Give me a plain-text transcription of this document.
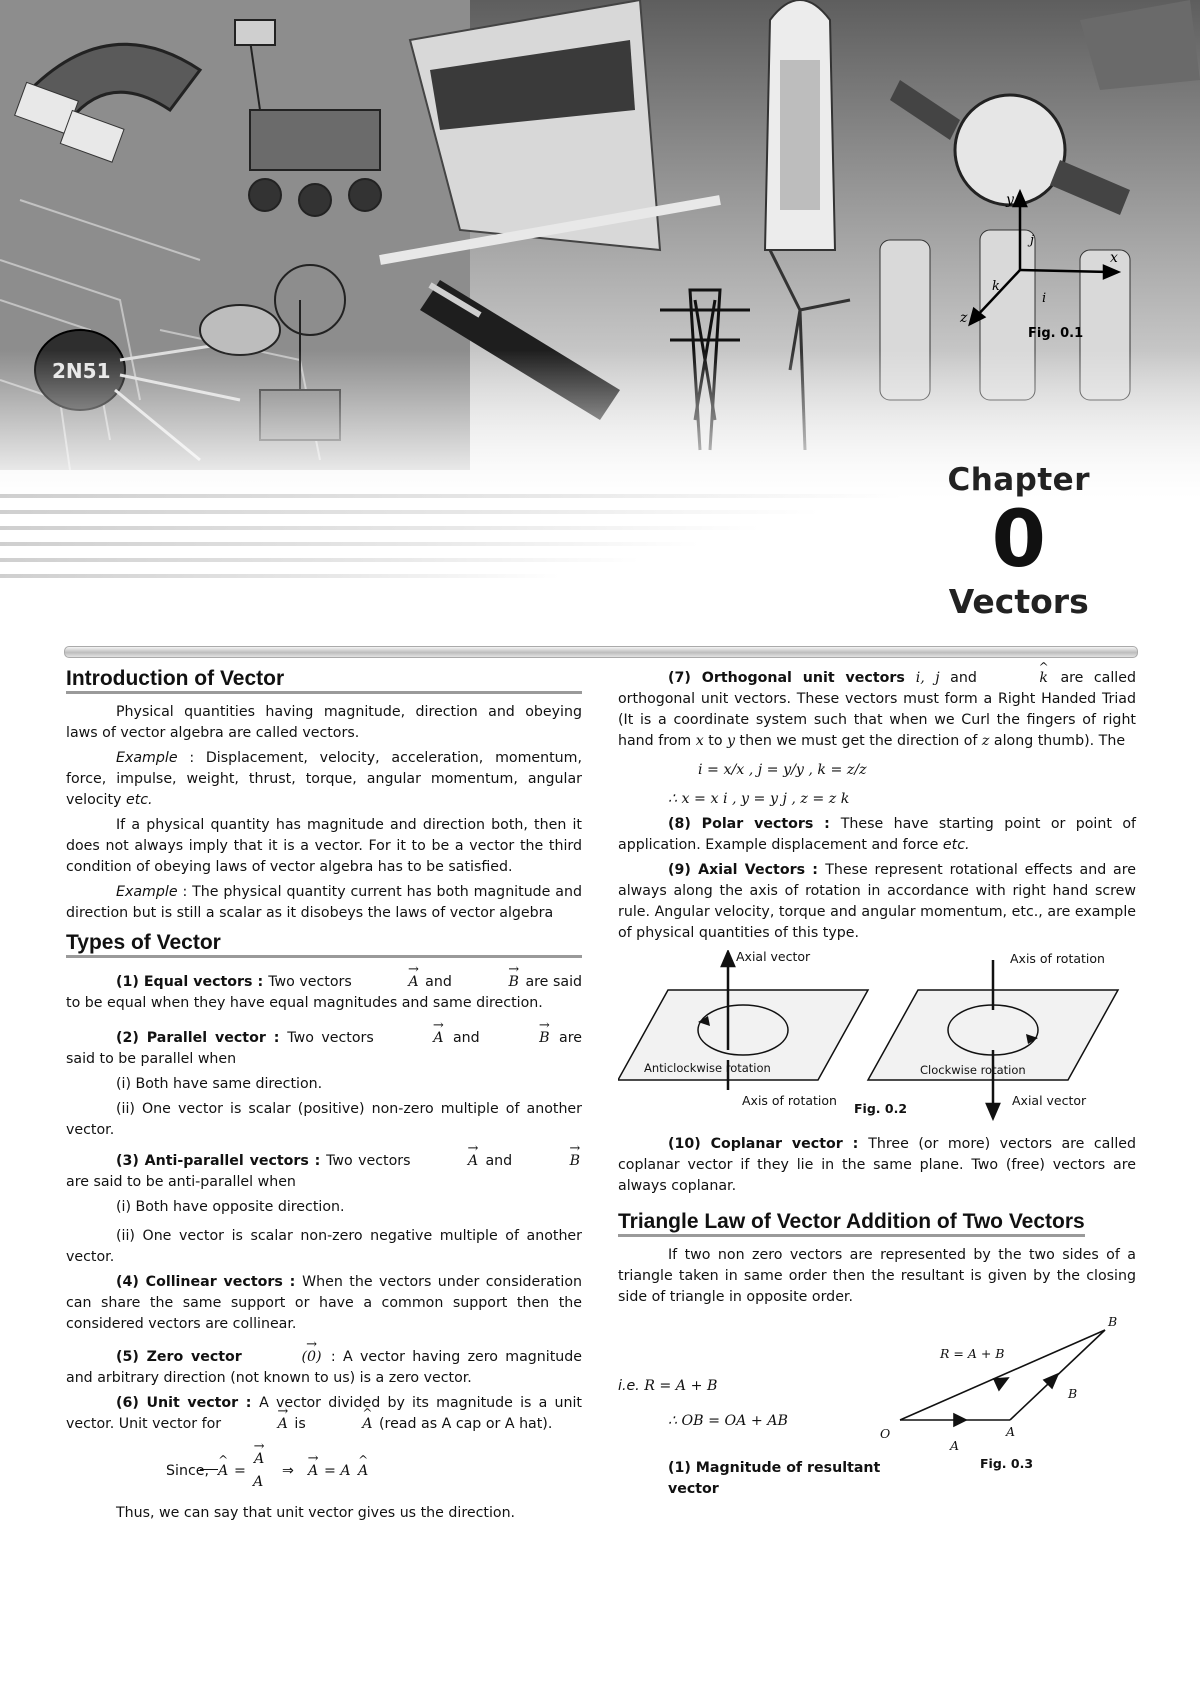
Chapter
0
Vectors
Introduction of Vector

Physical quantities having magnitude, direction and obeying laws of vector algebra are called vectors.

Example : Displacement, velocity, acceleration, momentum, force, impulse, weight, thrust, torque, angular momentum, angular velocity etc.

If a physical quantity has magnitude and direction both, then it does not always imply that it is a vector. For it to be a vector the third condition of obeying laws of vector algebra has to be satisfied.

Example : The physical quantity current has both magnitude and direction but is still a scalar as it disobeys the laws of vector algebra

Types of Vector

(1) Equal vectors : Two vectors	→ A and	→ B are said to be equal when they have equal magnitudes and same direction.

(2) Parallel vector : Two vectors	→ A and	→ B are said to be parallel when

(i) Both have same direction.

(ii) One vector is scalar (positive) non-zero multiple of another vector.

(3) Anti-parallel vectors : Two vectors	→ A and	→ B are said to be anti-parallel when

(i) Both have opposite direction.

(ii) One vector is scalar non-zero negative multiple of another vector.

(4) Collinear vectors : When the vectors under consideration can share the same support or have a common support then the considered vectors are collinear.

(5) Zero vector	→ (0) : A vector having zero magnitude and arbitrary direction (not known to us) is a zero vector.

(6) Unit vector : A vector divided by its magnitude is a unit vector. Unit vector for	→ A is	^ A (read as A cap or A hat).

Since, ^ A =
→ A
A
⇒ → A = A ^ A

Thus, we can say that unit vector gives us the direction.

(7) Orthogonal unit vectors i, j and	^ k are called orthogonal unit vectors. These vectors must form a Right Handed Triad (It is a coordinate system such that when we Curl the fingers of right hand from x to y then we must get the direction of z along thumb). The

i = x/x , j = y/y , k = z/z

∴ x = x i , y = y j , z = z k

(8) Polar vectors : These have starting point or point of application. Example displacement and force etc.

(9) Axial Vectors : These represent rotational effects and are always along the axis of rotation in accordance with right hand screw rule. Angular velocity, torque and angular momentum, etc., are example of physical quantities of this type.

Axial vector	Axis of rotation
Anticlockwise rotation	Clockwise rotation
Axis of rotation	Axial vector
Fig. 0.2

(10) Coplanar vector : Three (or more) vectors are called coplanar vector if they lie in the same plane. Two (free) vectors are always coplanar.

Triangle Law of Vector Addition of Two Vectors

If two non zero vectors are represented by the two sides of a triangle taken in same order then the resultant is given by the closing side of triangle in opposite order.

i.e. R = A + B

∴ OB = OA + AB

(1) Magnitude of resultant vector

O	A
B
A
B
R = A + B
Fig. 0.3
